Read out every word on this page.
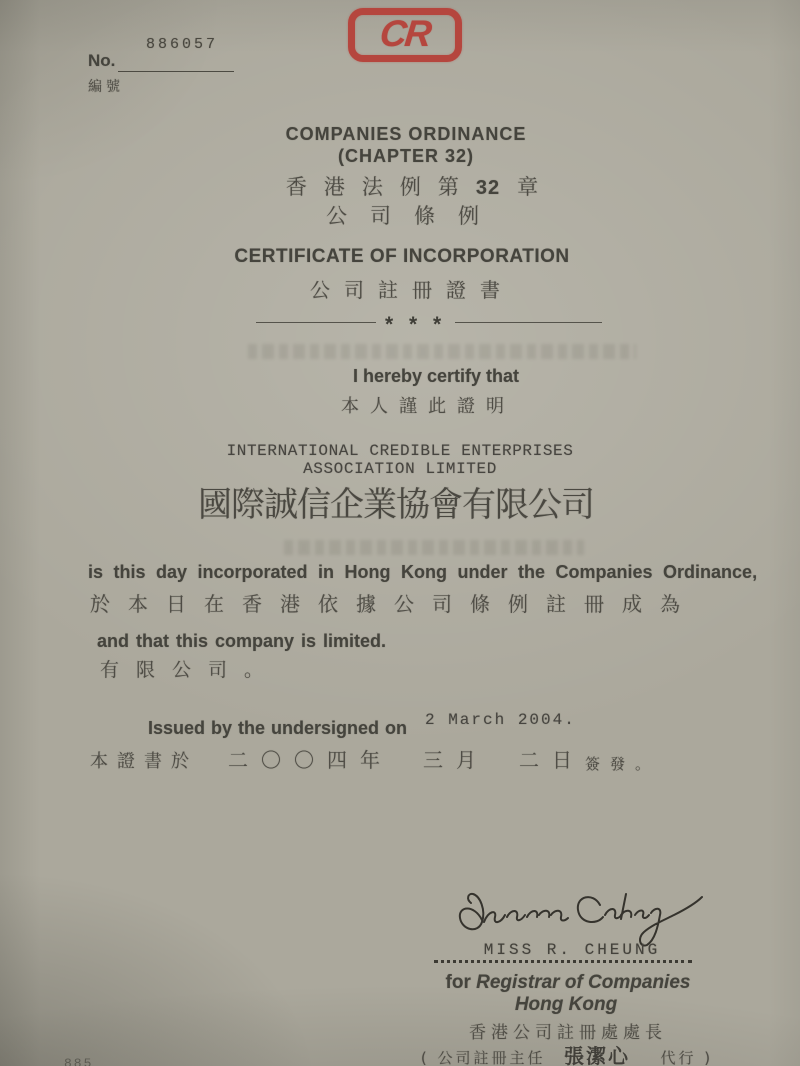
CR
886057
No.
編號
COMPANIES ORDINANCE
(CHAPTER 32)
香港法例第32 章
公司條例
CERTIFICATE OF INCORPORATION
公司註冊證書
* * *
I hereby certify that
本人謹此證明
INTERNATIONAL CREDIBLE ENTERPRISES
ASSOCIATION LIMITED
國際誠信企業協會有限公司
is this day incorporated in Hong Kong under the Companies Ordinance,
於本日在香港依據公司條例註冊成為
and that this company is limited.
有限公司。
Issued by the undersigned on 2 March 2004.
本證書於 二〇〇四年 三月 二日 簽發。
MISS R. CHEUNG
for Registrar of Companies
Hong Kong
香港公司註冊處處長
( 公司註冊主任 張潔心 代行 )
885
